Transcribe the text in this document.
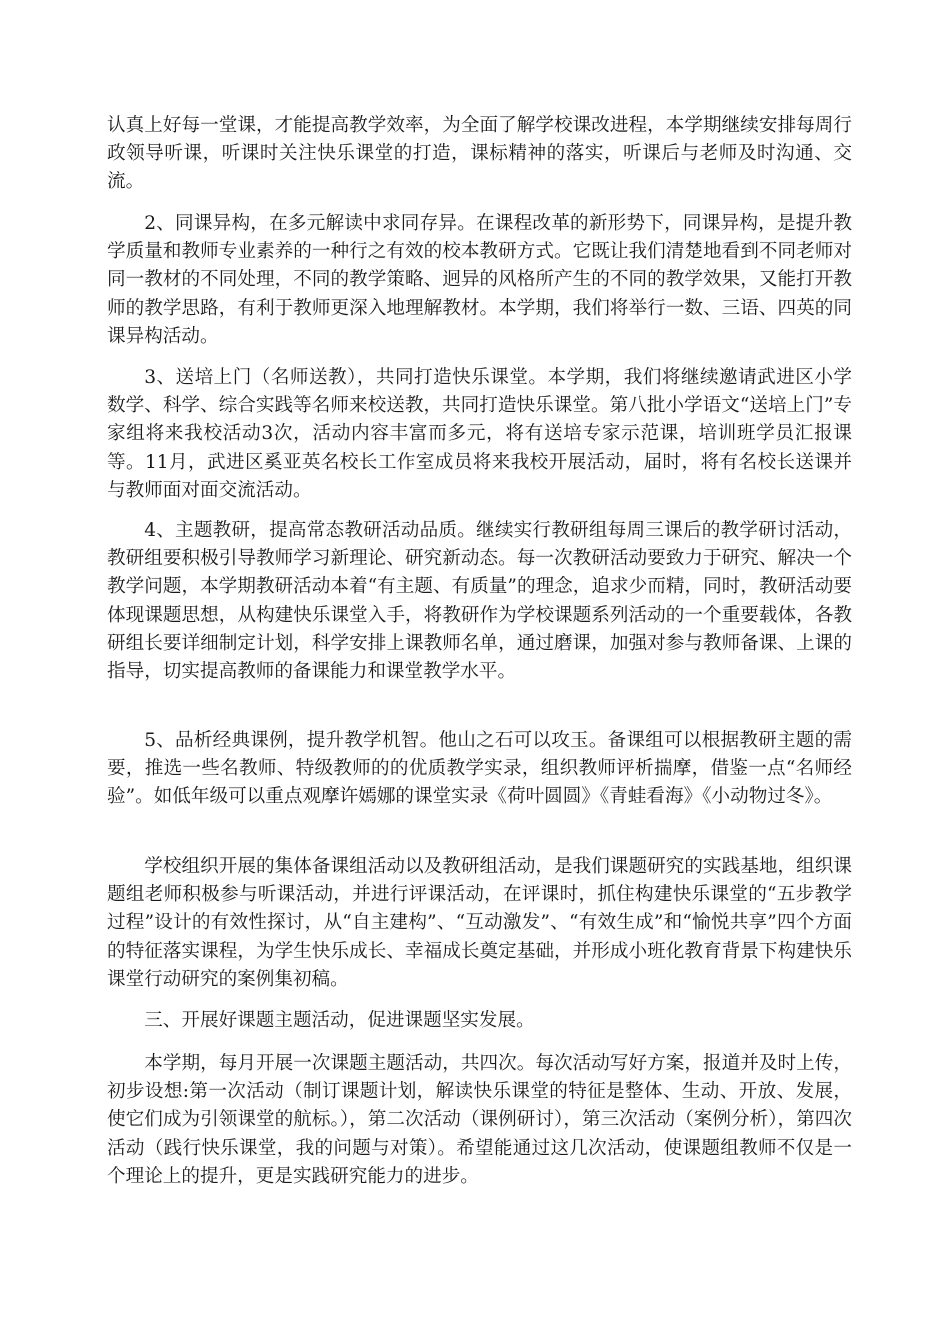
认真上好每一堂课，才能提高教学效率，为全面了解学校课改进程，本学期继续安排每周行政领导听课，听课时关注快乐课堂的打造，课标精神的落实，听课后与老师及时沟通、交流。

2、同课异构，在多元解读中求同存异。在课程改革的新形势下，同课异构，是提升教学质量和教师专业素养的一种行之有效的校本教研方式。它既让我们清楚地看到不同老师对同一教材的不同处理，不同的教学策略、迥异的风格所产生的不同的教学效果，又能打开教师的教学思路，有利于教师更深入地理解教材。本学期，我们将举行一数、三语、四英的同课异构活动。

3、送培上门（名师送教），共同打造快乐课堂。本学期，我们将继续邀请武进区小学数学、科学、综合实践等名师来校送教，共同打造快乐课堂。第八批小学语文“送培上门”专家组将来我校活动3次，活动内容丰富而多元，将有送培专家示范课，培训班学员汇报课等。11月，武进区奚亚英名校长工作室成员将来我校开展活动，届时，将有名校长送课并与教师面对面交流活动。

4、主题教研，提高常态教研活动品质。继续实行教研组每周三课后的教学研讨活动，教研组要积极引导教师学习新理论、研究新动态。每一次教研活动要致力于研究、解决一个教学问题，本学期教研活动本着“有主题、有质量”的理念，追求少而精，同时，教研活动要体现课题思想，从构建快乐课堂入手，将教研作为学校课题系列活动的一个重要载体，各教研组长要详细制定计划，科学安排上课教师名单，通过磨课，加强对参与教师备课、上课的指导，切实提高教师的备课能力和课堂教学水平。

5、品析经典课例，提升教学机智。他山之石可以攻玉。备课组可以根据教研主题的需要，推选一些名教师、特级教师的的优质教学实录，组织教师评析揣摩，借鉴一点“名师经验”。如低年级可以重点观摩许嫣娜的课堂实录《荷叶圆圆》《青蛙看海》《小动物过冬》。

学校组织开展的集体备课组活动以及教研组活动，是我们课题研究的实践基地，组织课题组老师积极参与听课活动，并进行评课活动，在评课时，抓住构建快乐课堂的“五步教学过程”设计的有效性探讨，从“自主建构”、“互动激发”、“有效生成”和“愉悦共享”四个方面的特征落实课程，为学生快乐成长、幸福成长奠定基础，并形成小班化教育背景下构建快乐课堂行动研究的案例集初稿。

三、开展好课题主题活动，促进课题坚实发展。

本学期，每月开展一次课题主题活动，共四次。每次活动写好方案，报道并及时上传，初步设想:第一次活动（制订课题计划，解读快乐课堂的特征是整体、生动、开放、发展，使它们成为引领课堂的航标。），第二次活动（课例研讨），第三次活动（案例分析），第四次活动（践行快乐课堂，我的问题与对策）。希望能通过这几次活动，使课题组教师不仅是一个理论上的提升，更是实践研究能力的进步。
